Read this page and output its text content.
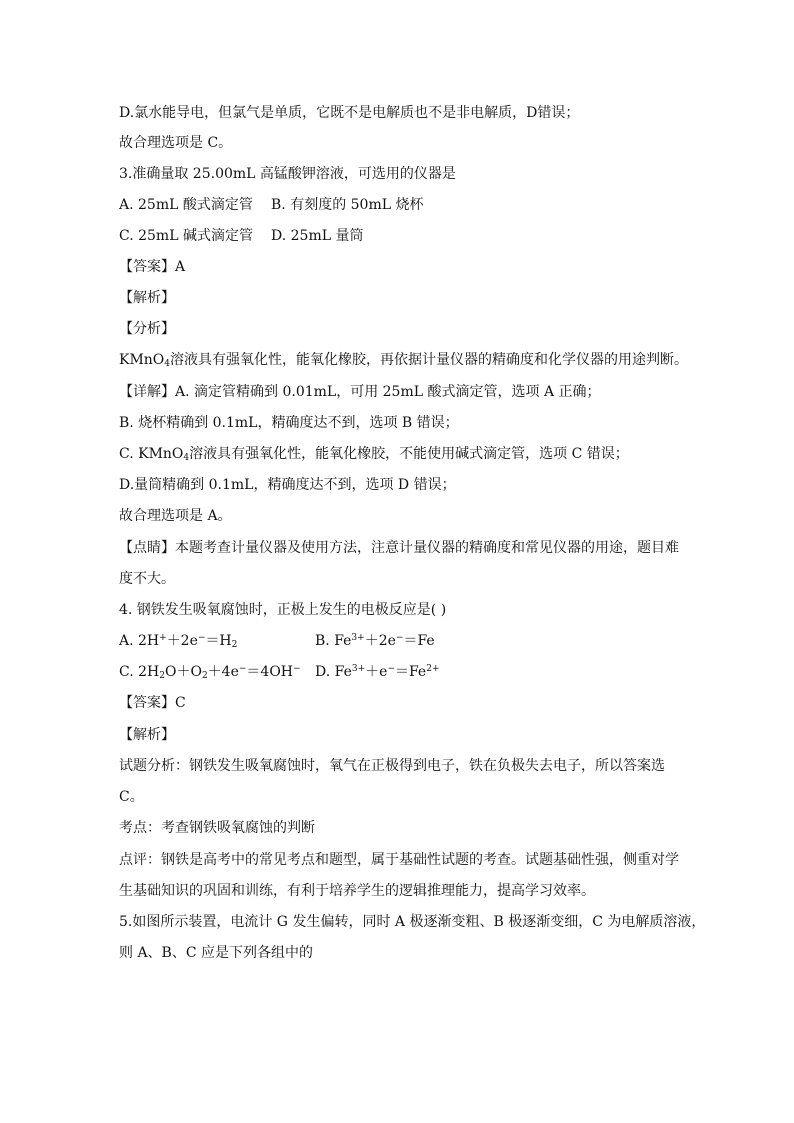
D.氯水能导电，但氯气是单质，它既不是电解质也不是非电解质，D错误；
故合理选项是 C。
3.准确量取 25.00mL 高锰酸钾溶液，可选用的仪器是
A. 25mL 酸式滴定管 B. 有刻度的 50mL 烧杯
C. 25mL 碱式滴定管 D. 25mL 量筒
【答案】A
【解析】
【分析】
KMnO$_4$溶液具有强氧化性，能氧化橡胶，再依据计量仪器的精确度和化学仪器的用途判断。
【详解】A. 滴定管精确到 0.01mL，可用 25mL 酸式滴定管，选项 A 正确；
B. 烧杯精确到 0.1mL，精确度达不到，选项 B 错误；
C. KMnO$_4$溶液具有强氧化性，能氧化橡胶，不能使用碱式滴定管，选项 C 错误；
D.量筒精确到 0.1mL，精确度达不到，选项 D 错误；
故合理选项是 A。
【点睛】本题考查计量仪器及使用方法，注意计量仪器的精确度和常见仪器的用途，题目难
度不大。
4. 钢铁发生吸氧腐蚀时，正极上发生的电极反应是( )
A. $2H^++2e^-=H_2$	B. $Fe^{3+}+2e^-=Fe$
C. $2H_2O+O_2+4e^-=4OH^-$ D. $Fe^{3+}+e^-=Fe^{2+}$
【答案】C
【解析】
试题分析：钢铁发生吸氧腐蚀时，氧气在正极得到电子，铁在负极失去电子，所以答案选
C。
考点：考查钢铁吸氧腐蚀的判断
点评：钢铁是高考中的常见考点和题型，属于基础性试题的考查。试题基础性强，侧重对学
生基础知识的巩固和训练，有利于培养学生的逻辑推理能力，提高学习效率。
5.如图所示装置，电流计 G 发生偏转，同时 A 极逐渐变粗、B 极逐渐变细，C 为电解质溶液，
则 A、B、C 应是下列各组中的
